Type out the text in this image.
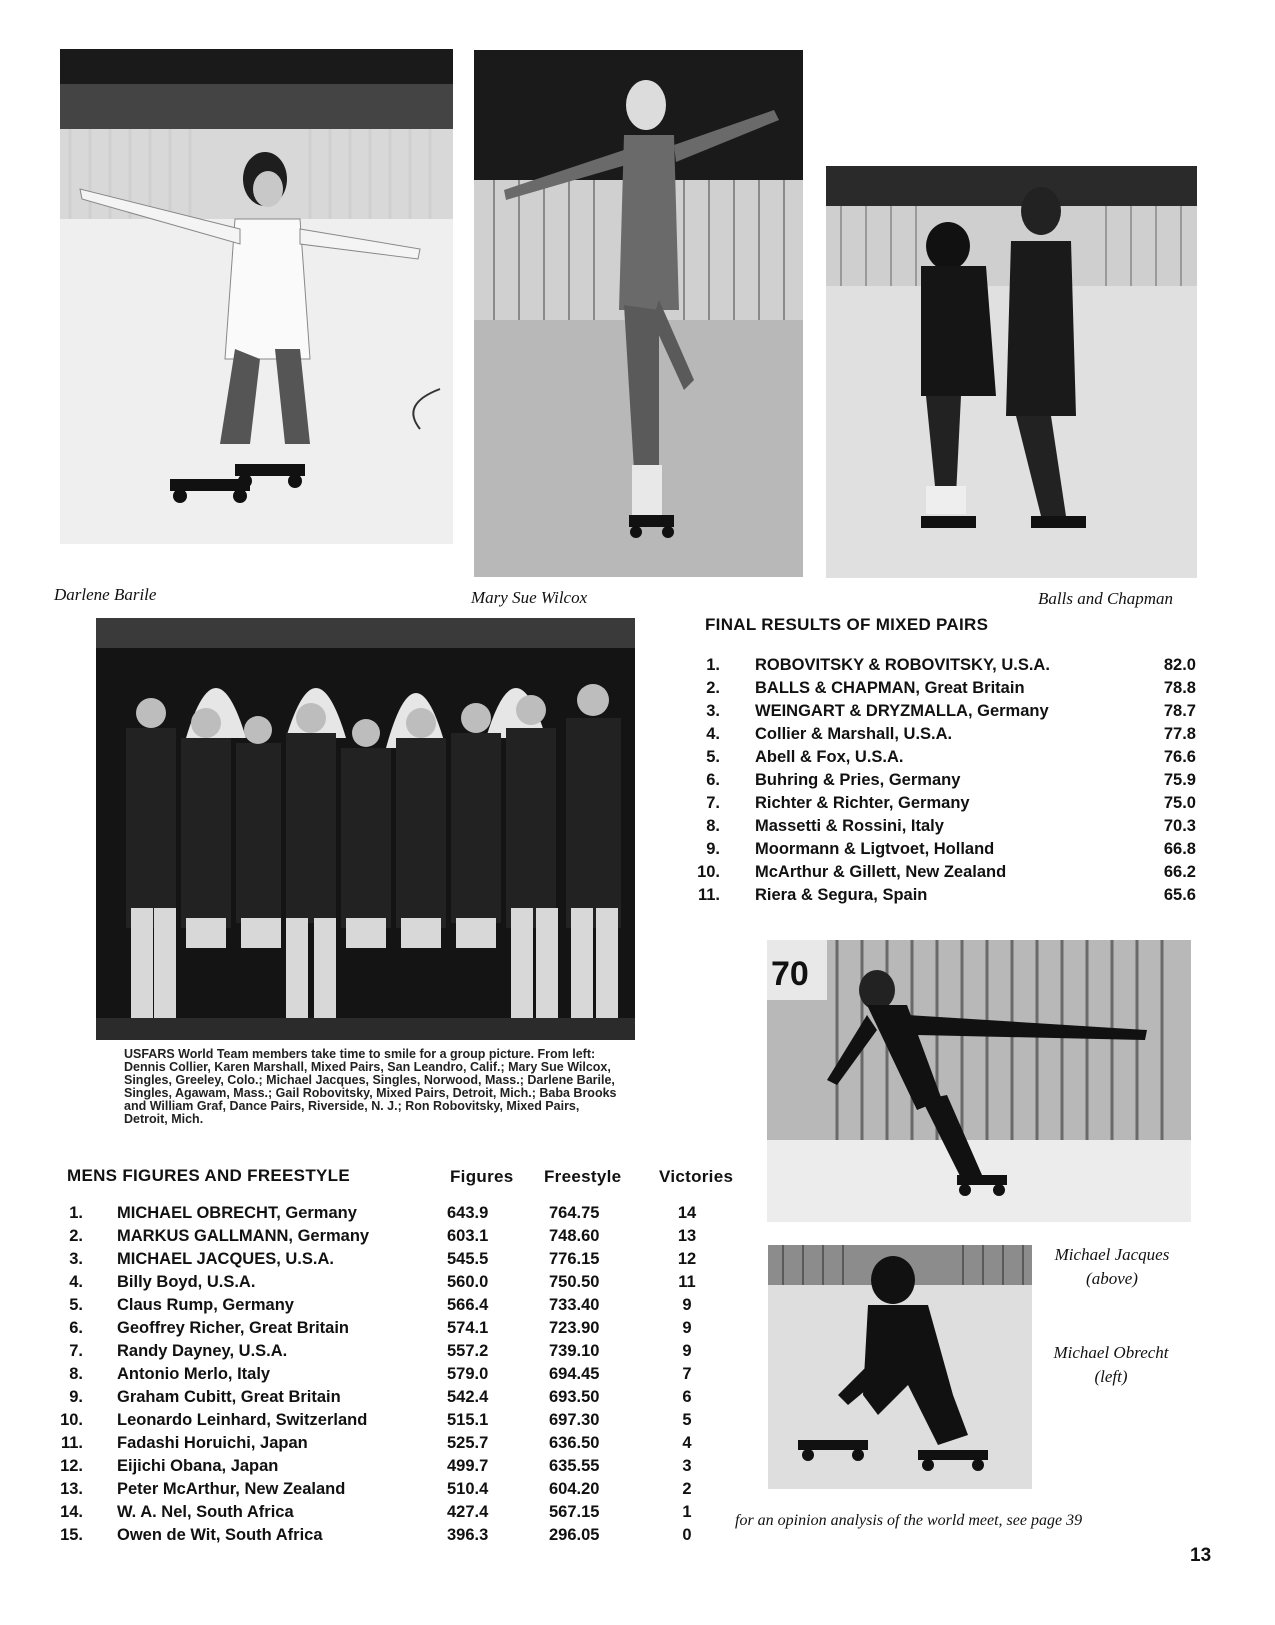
Darlene Barile	Mary Sue Wilcox	Balls and Chapman
USFARS World Team members take time to smile for a group picture. From left: Dennis Collier, Karen Marshall, Mixed Pairs, San Leandro, Calif.; Mary Sue Wilcox, Singles, Greeley, Colo.; Michael Jacques, Singles, Norwood, Mass.; Darlene Barile, Singles, Agawam, Mass.; Gail Robovitsky, Mixed Pairs, Detroit, Mich.; Baba Brooks and William Graf, Dance Pairs, Riverside, N. J.; Ron Robovitsky, Mixed Pairs, Detroit, Mich.
FINAL RESULTS OF MIXED PAIRS
1. ROBOVITSKY & ROBOVITSKY, U.S.A.	82.0
2. BALLS & CHAPMAN, Great Britain	78.8
3. WEINGART & DRYZMALLA, Germany	78.7
4. Collier & Marshall, U.S.A.	77.8
5. Abell & Fox, U.S.A.	76.6
6. Buhring & Pries, Germany	75.9
7. Richter & Richter, Germany	75.0
8. Massetti & Rossini, Italy	70.3
9. Moormann & Ligtvoet, Holland	66.8
10. McArthur & Gillett, New Zealand	66.2
11. Riera & Segura, Spain	65.6
70
Michael Jacques
(above)
Michael Obrecht
(left)
MENS FIGURES AND FREESTYLE	Figures Freestyle Victories
1. MICHAEL OBRECHT, Germany	643.9	764.75	14
2. MARKUS GALLMANN, Germany	603.1	748.60	13
3. MICHAEL JACQUES, U.S.A.	545.5	776.15	12
4. Billy Boyd, U.S.A.	560.0	750.50	11
5. Claus Rump, Germany	566.4	733.40	9
6. Geoffrey Richer, Great Britain	574.1	723.90	9
7. Randy Dayney, U.S.A.	557.2	739.10	9
8. Antonio Merlo, Italy	579.0	694.45	7
9. Graham Cubitt, Great Britain	542.4	693.50	6
10. Leonardo Leinhard, Switzerland	515.1	697.30	5
11. Fadashi Horuichi, Japan	525.7	636.50	4
12. Eijichi Obana, Japan	499.7	635.55	3
13. Peter McArthur, New Zealand	510.4	604.20	2
14. W. A. Nel, South Africa	427.4	567.15	1
15. Owen de Wit, South Africa	396.3	296.05	0
for an opinion analysis of the world meet, see page 39
13
